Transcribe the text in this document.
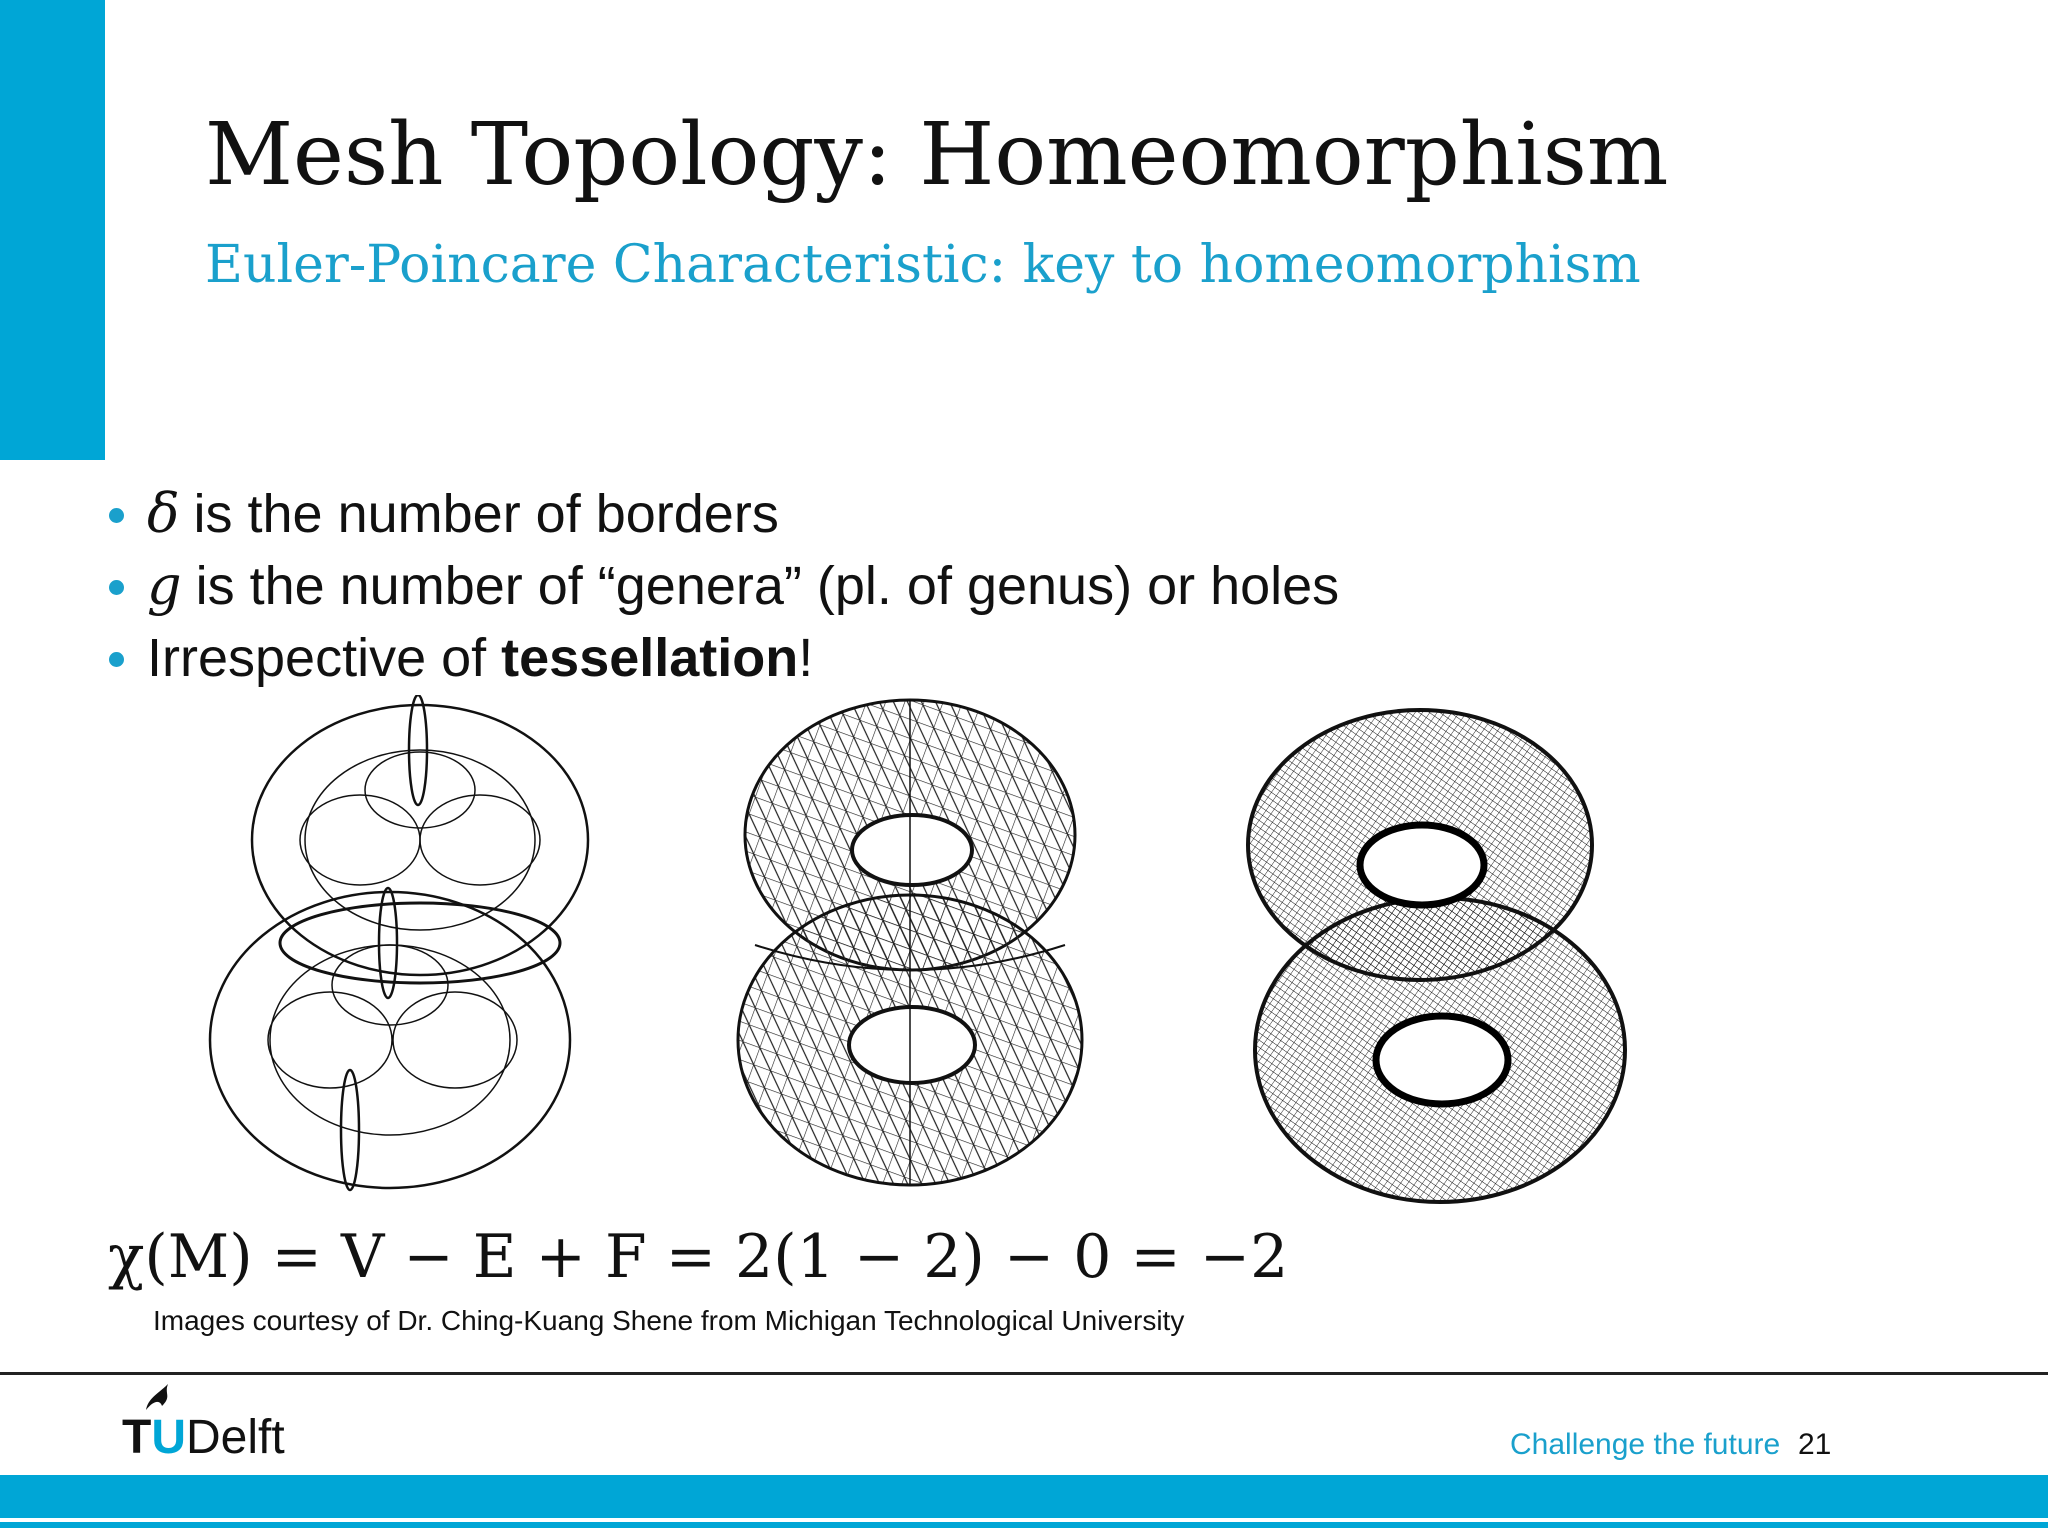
Mesh Topology: Homeomorphism
Euler-Poincare Characteristic: key to homeomorphism
δ is the number of borders
g is the number of “genera” (pl. of genus) or holes
Irrespective of tessellation!
χ(M) = V − E + F = 2(1 − 2) − 0 = −2
Images courtesy of Dr. Ching-Kuang Shene from Michigan Technological University
TUDelft	Challenge the future 21
